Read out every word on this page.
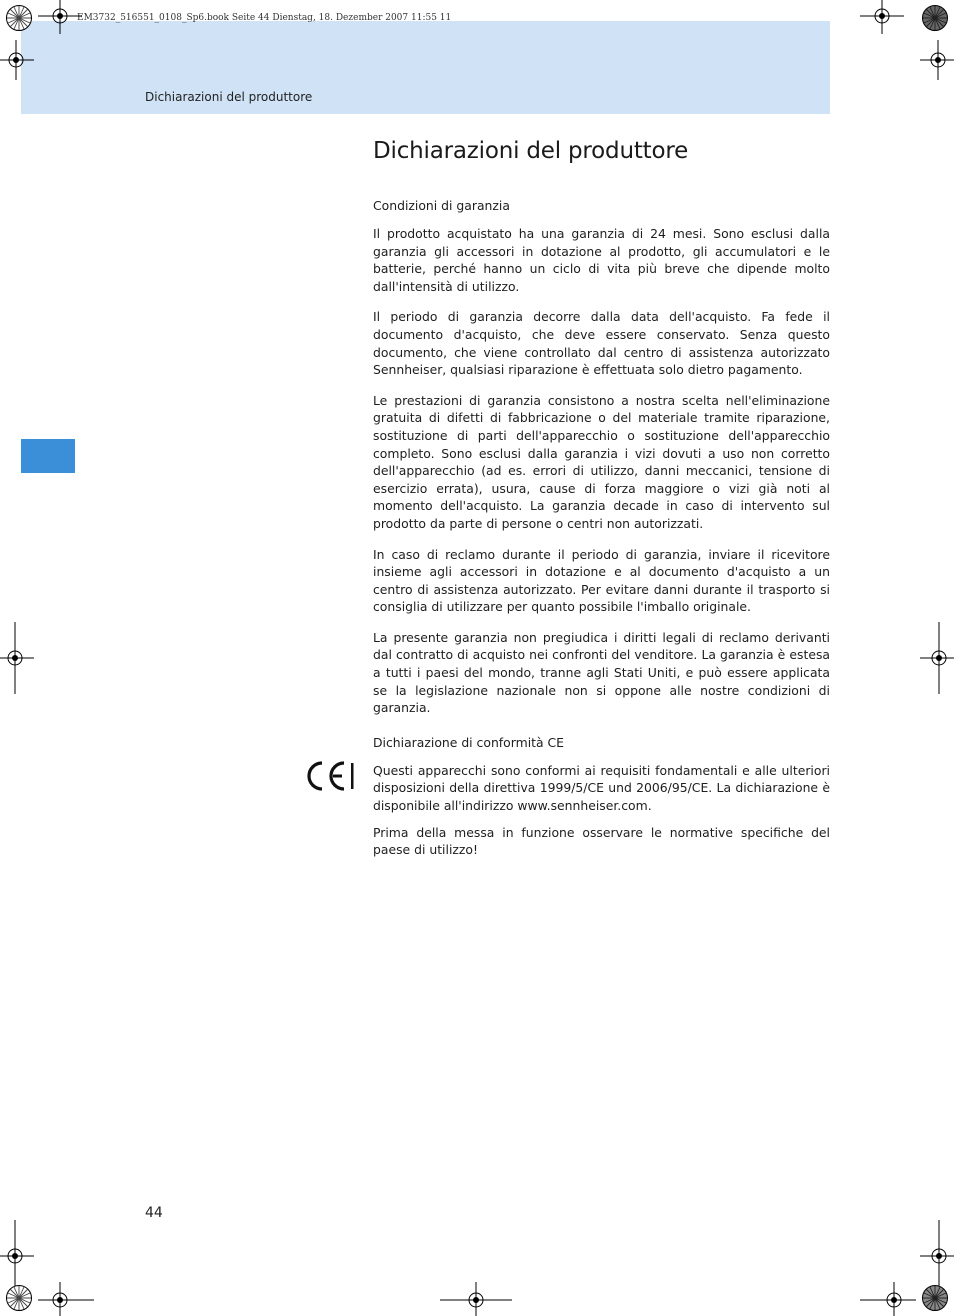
Dichiarazioni del produttore
EM3732_516551_0108_Sp6.book Seite 44 Dienstag, 18. Dezember 2007 11:55 11
Dichiarazioni del produttore
Condizioni di garanzia

Il prodotto acquistato ha una garanzia di 24 mesi. Sono esclusi dalla garanzia gli accessori in dotazione al prodotto, gli accumulatori e le batterie, perché hanno un ciclo di vita più breve che dipende molto dall'intensità di utilizzo.

Il periodo di garanzia decorre dalla data dell'acquisto. Fa fede il documento d'acquisto, che deve essere conservato. Senza questo documento, che viene controllato dal centro di assistenza autorizzato Sennheiser, qualsiasi riparazione è effettuata solo dietro pagamento.

Le prestazioni di garanzia consistono a nostra scelta nell'eliminazione gratuita di difetti di fabbricazione o del materiale tramite riparazione, sostituzione di parti dell'apparecchio o sostituzione dell'apparecchio completo. Sono esclusi dalla garanzia i vizi dovuti a uso non corretto dell'apparecchio (ad es. errori di utilizzo, danni meccanici, tensione di esercizio errata), usura, cause di forza maggiore o vizi già noti al momento dell'acquisto. La garanzia decade in caso di intervento sul prodotto da parte di persone o centri non autorizzati.

In caso di reclamo durante il periodo di garanzia, inviare il ricevitore insieme agli accessori in dotazione e al documento d'acquisto a un centro di assistenza autorizzato. Per evitare danni durante il trasporto si consiglia di utilizzare per quanto possibile l'imballo originale.

La presente garanzia non pregiudica i diritti legali di reclamo derivanti dal contratto di acquisto nei confronti del venditore. La garanzia è estesa a tutti i paesi del mondo, tranne agli Stati Uniti, e può essere applicata se la legislazione nazionale non si oppone alle nostre condizioni di garanzia.

Dichiarazione di conformità CE

Questi apparecchi sono conformi ai requisiti fondamentali e alle ulteriori disposizioni della direttiva 1999/5/CE und 2006/95/CE. La dichiarazione è disponibile all'indirizzo www.sennheiser.com.

Prima della messa in funzione osservare le normative specifiche del paese di utilizzo!

44
